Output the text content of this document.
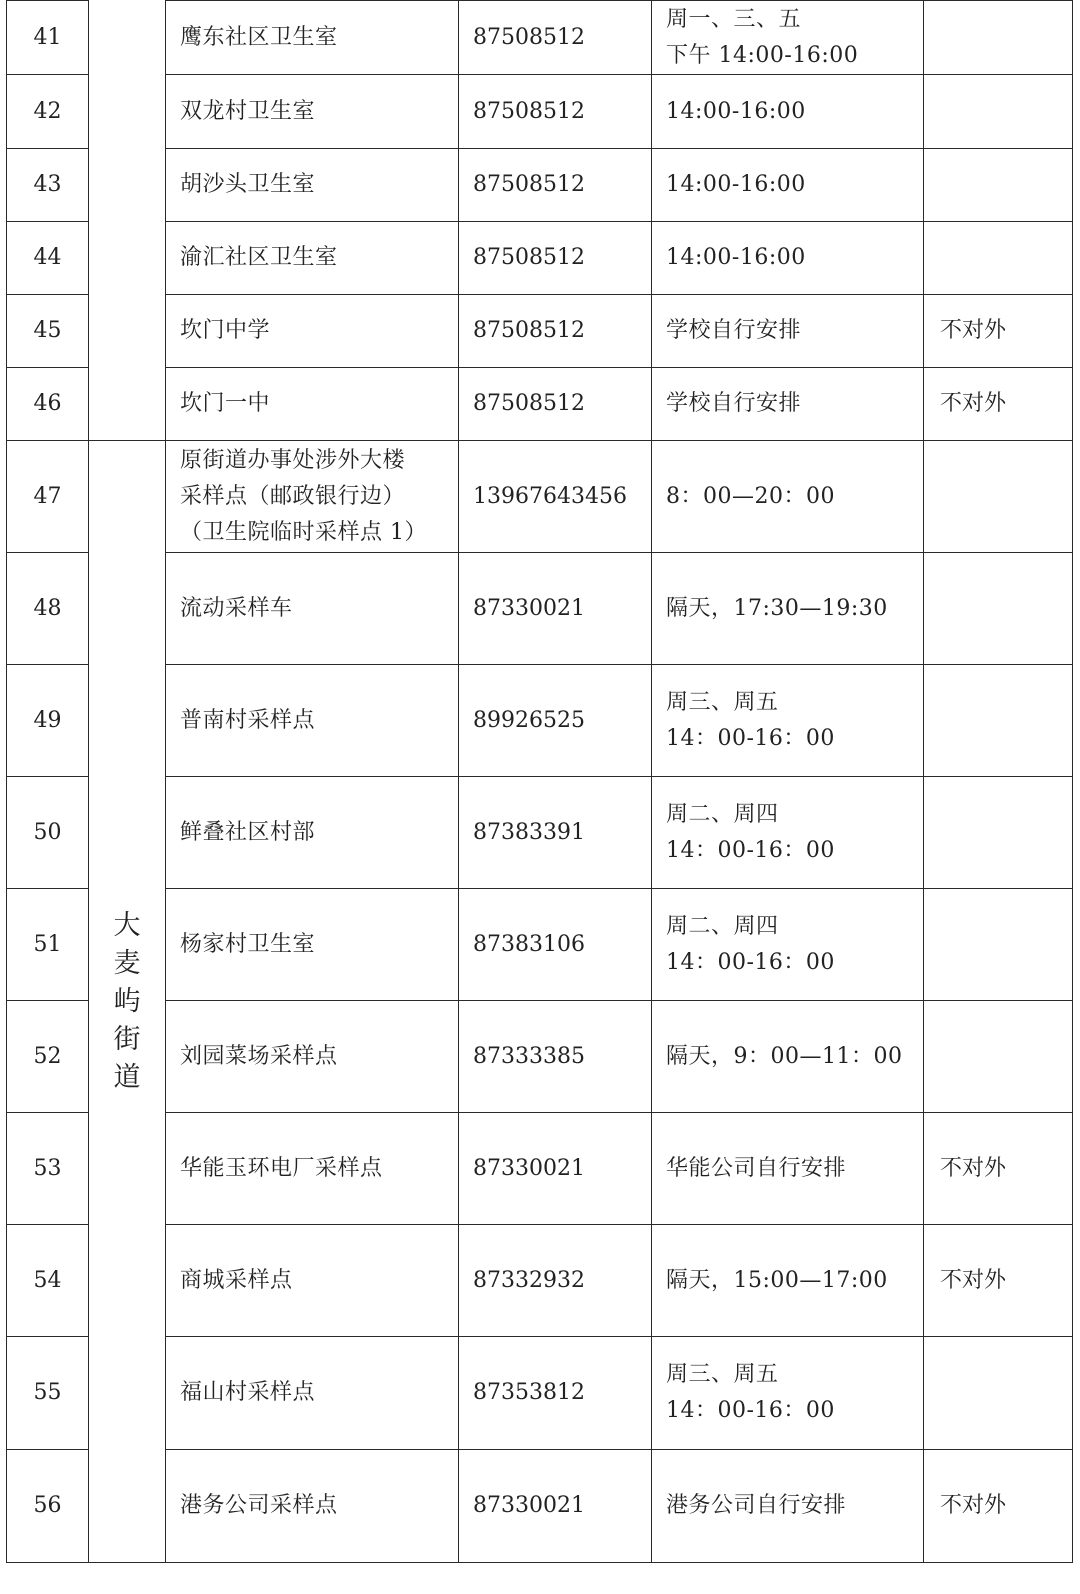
41		鹰东社区卫生室	87508512	周一、三、五
下午 14:00-16:00	

42		双龙村卫生室	87508512	14:00-16:00	

43		胡沙头卫生室	87508512	14:00-16:00	

44		渝汇社区卫生室	87508512	14:00-16:00	

45		坎门中学	87508512	学校自行安排	不对外
46		坎门一中	87508512	学校自行安排	不对外
47	大麦屿街道	原街道办事处涉外大楼
采样点（邮政银行边）
（卫生院临时采样点 1）	13967643456	8：00—20：00	

48		流动采样车	87330021	隔天，17:30—19:30	

49		普南村采样点	89926525	周三、周五
14：00-16：00	

50		鲜叠社区村部	87383391	周二、周四
14：00-16：00	

51		杨家村卫生室	87383106	周二、周四
14：00-16：00	

52		刘园菜场采样点	87333385	隔天，9：00—11：00	

53		华能玉环电厂采样点	87330021	华能公司自行安排	不对外
54		商城采样点	87332932	隔天，15:00—17:00	不对外
55		福山村采样点	87353812	周三、周五
14：00-16：00	

56		港务公司采样点	87330021	港务公司自行安排	不对外
